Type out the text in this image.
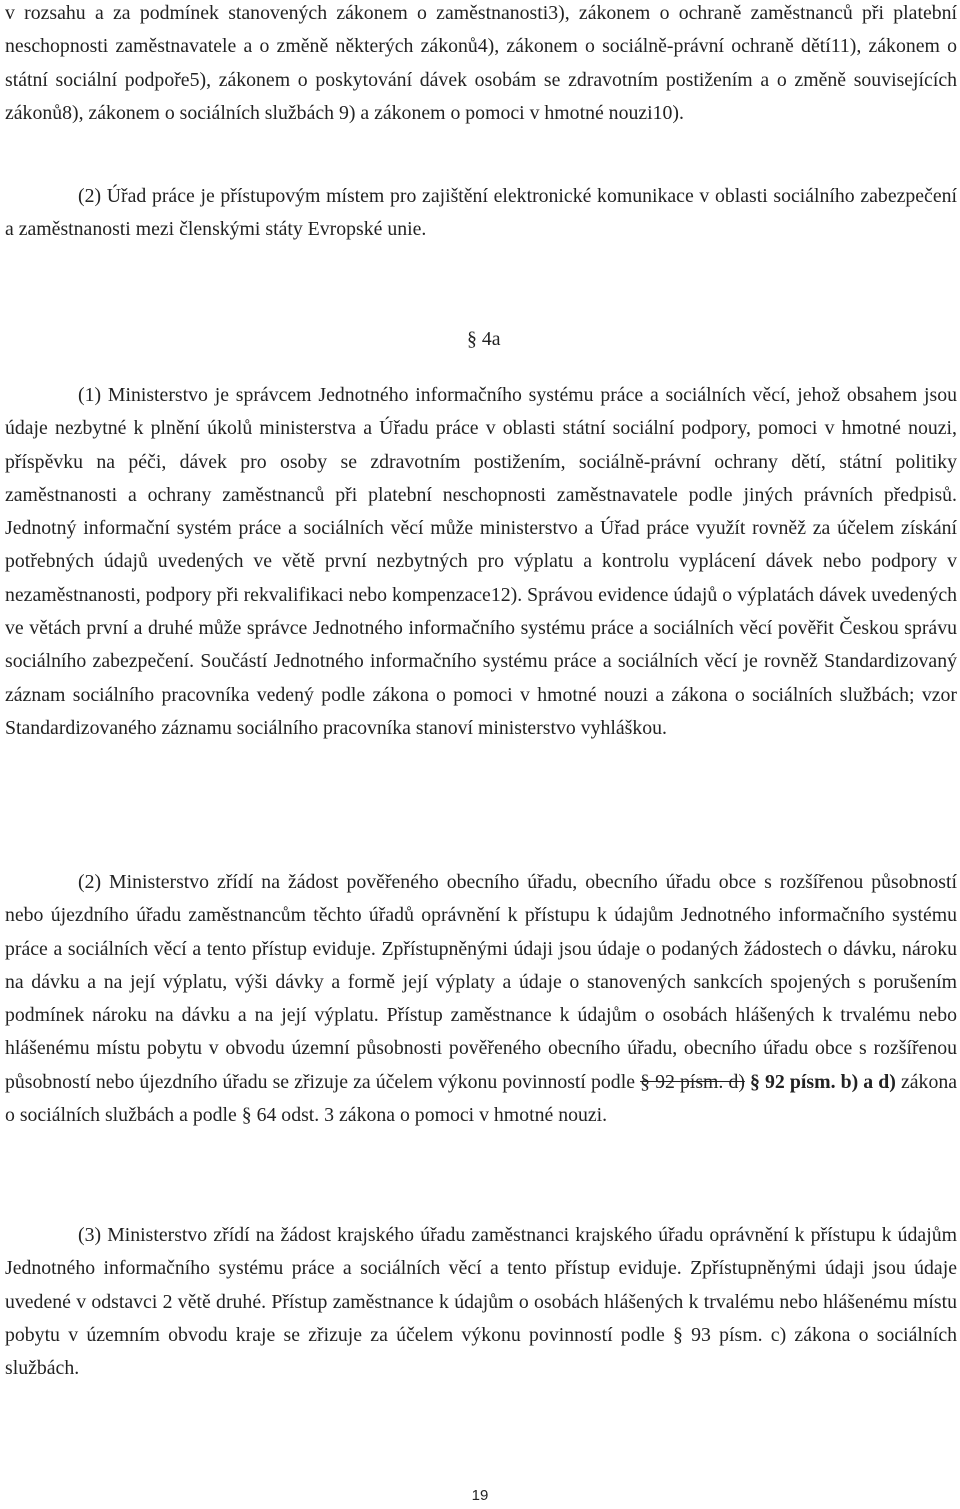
v rozsahu a za podmínek stanovených zákonem o zaměstnanosti3), zákonem o ochraně zaměstnanců při platební neschopnosti zaměstnavatele a o změně některých zákonů4), zákonem o sociálně-právní ochraně dětí11), zákonem o státní sociální podpoře5), zákonem o poskytování dávek osobám se zdravotním postižením a o změně souvisejících zákonů8), zákonem o sociálních službách 9) a zákonem o pomoci v hmotné nouzi10).

(2) Úřad práce je přístupovým místem pro zajištění elektronické komunikace v oblasti sociálního zabezpečení a zaměstnanosti mezi členskými státy Evropské unie.

§ 4a

(1) Ministerstvo je správcem Jednotného informačního systému práce a sociálních věcí, jehož obsahem jsou údaje nezbytné k plnění úkolů ministerstva a Úřadu práce v oblasti státní sociální podpory, pomoci v hmotné nouzi, příspěvku na péči, dávek pro osoby se zdravotním postižením, sociálně-právní ochrany dětí, státní politiky zaměstnanosti a ochrany zaměstnanců při platební neschopnosti zaměstnavatele podle jiných právních předpisů. Jednotný informační systém práce a sociálních věcí může ministerstvo a Úřad práce využít rovněž za účelem získání potřebných údajů uvedených ve větě první nezbytných pro výplatu a kontrolu vyplácení dávek nebo podpory v nezaměstnanosti, podpory při rekvalifikaci nebo kompenzace12). Správou evidence údajů o výplatách dávek uvedených ve větách první a druhé může správce Jednotného informačního systému práce a sociálních věcí pověřit Českou správu sociálního zabezpečení. Součástí Jednotného informačního systému práce a sociálních věcí je rovněž Standardizovaný záznam sociálního pracovníka vedený podle zákona o pomoci v hmotné nouzi a zákona o sociálních službách; vzor Standardizovaného záznamu sociálního pracovníka stanoví ministerstvo vyhláškou.

(2) Ministerstvo zřídí na žádost pověřeného obecního úřadu, obecního úřadu obce s rozšířenou působností nebo újezdního úřadu zaměstnancům těchto úřadů oprávnění k přístupu k údajům Jednotného informačního systému práce a sociálních věcí a tento přístup eviduje. Zpřístupněnými údaji jsou údaje o podaných žádostech o dávku, nároku na dávku a na její výplatu, výši dávky a formě její výplaty a údaje o stanovených sankcích spojených s porušením podmínek nároku na dávku a na její výplatu. Přístup zaměstnance k údajům o osobách hlášených k trvalému nebo hlášenému místu pobytu v obvodu územní působnosti pověřeného obecního úřadu, obecního úřadu obce s rozšířenou působností nebo újezdního úřadu se zřizuje za účelem výkonu povinností podle § 92 písm. d) § 92 písm. b) a d) zákona o sociálních službách a podle § 64 odst. 3 zákona o pomoci v hmotné nouzi.

(3) Ministerstvo zřídí na žádost krajského úřadu zaměstnanci krajského úřadu oprávnění k přístupu k údajům Jednotného informačního systému práce a sociálních věcí a tento přístup eviduje. Zpřístupněnými údaji jsou údaje uvedené v odstavci 2 větě druhé. Přístup zaměstnance k údajům o osobách hlášených k trvalému nebo hlášenému místu pobytu v územním obvodu kraje se zřizuje za účelem výkonu povinností podle § 93 písm. c) zákona o sociálních službách.

19
